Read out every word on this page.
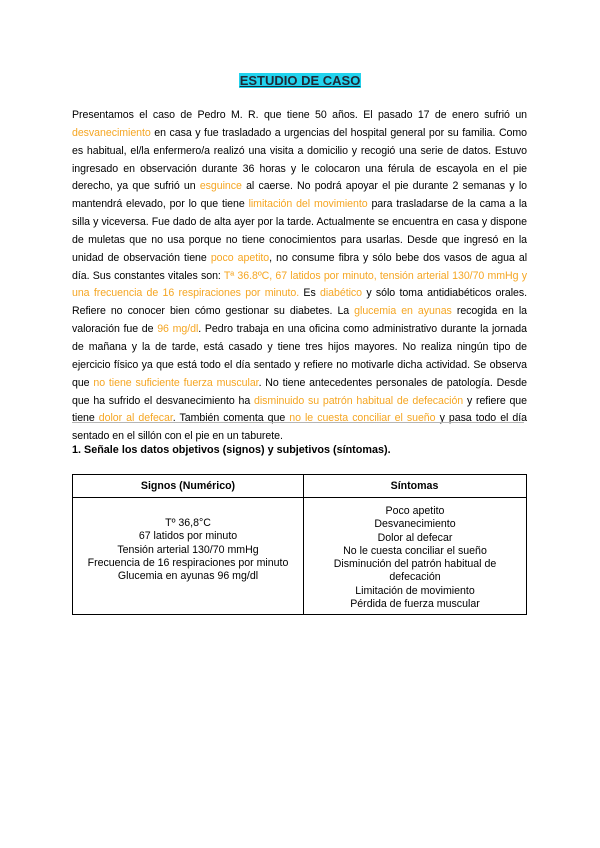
ESTUDIO DE CASO
Presentamos el caso de Pedro M. R. que tiene 50 años. El pasado 17 de enero sufrió un desvanecimiento en casa y fue trasladado a urgencias del hospital general por su familia. Como es habitual, el/la enfermero/a realizó una visita a domicilio y recogió una serie de datos. Estuvo ingresado en observación durante 36 horas y le colocaron una férula de escayola en el pie derecho, ya que sufrió un esguince al caerse. No podrá apoyar el pie durante 2 semanas y lo mantendrá elevado, por lo que tiene limitación del movimiento para trasladarse de la cama a la silla y viceversa. Fue dado de alta ayer por la tarde. Actualmente se encuentra en casa y dispone de muletas que no usa porque no tiene conocimientos para usarlas. Desde que ingresó en la unidad de observación tiene poco apetito, no consume fibra y sólo bebe dos vasos de agua al día. Sus constantes vitales son: Tª 36.8ºC, 67 latidos por minuto, tensión arterial 130/70 mmHg y una frecuencia de 16 respiraciones por minuto. Es diabético y sólo toma antidiabéticos orales. Refiere no conocer bien cómo gestionar su diabetes. La glucemia en ayunas recogida en la valoración fue de 96 mg/dl. Pedro trabaja en una oficina como administrativo durante la jornada de mañana y la de tarde, está casado y tiene tres hijos mayores. No realiza ningún tipo de ejercicio físico ya que está todo el día sentado y refiere no motivarle dicha actividad. Se observa que no tiene suficiente fuerza muscular. No tiene antecedentes personales de patología. Desde que ha sufrido el desvanecimiento ha disminuido su patrón habitual de defecación y refiere que tiene dolor al defecar. También comenta que no le cuesta conciliar el sueño y pasa todo el día sentado en el sillón con el pie en un taburete.
1. Señale los datos objetivos (signos) y subjetivos (síntomas).
Signos (Numérico)	Síntomas
Tº 36,8°C
67 latidos por minuto
Tensión arterial 130/70 mmHg
Frecuencia de 16 respiraciones por minuto
Glucemia en ayunas 96 mg/dl
Poco apetito
Desvanecimiento
Dolor al defecar
No le cuesta conciliar el sueño
Disminución del patrón habitual de defecación
Limitación de movimiento
Pérdida de fuerza muscular
